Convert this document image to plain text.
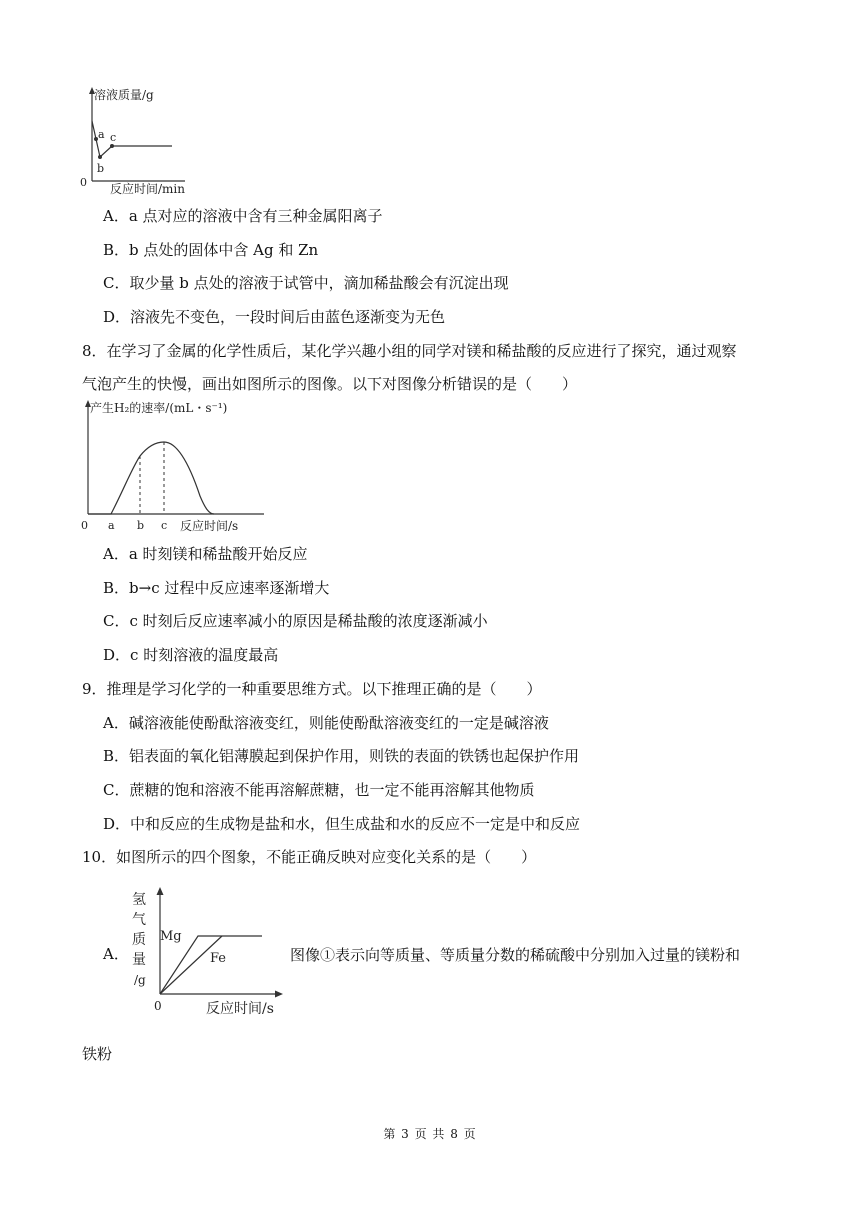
溶液质量/g
a
b
c
0 反应时间/min
A．a 点对应的溶液中含有三种金属阳离子
B．b 点处的固体中含 Ag 和 Zn
C．取少量 b 点处的溶液于试管中，滴加稀盐酸会有沉淀出现
D．溶液先不变色，一段时间后由蓝色逐渐变为无色
8．在学习了金属的化学性质后，某化学兴趣小组的同学对镁和稀盐酸的反应进行了探究，通过观察
气泡产生的快慢，画出如图所示的图像。以下对图像分析错误的是（　　）
产生H₂的速率/(mL・s⁻¹)
0 a b c 反应时间/s
A．a 时刻镁和稀盐酸开始反应
B．b→c 过程中反应速率逐渐增大
C．c 时刻后反应速率减小的原因是稀盐酸的浓度逐渐减小
D．c 时刻溶液的温度最高
9．推理是学习化学的一种重要思维方式。以下推理正确的是（　　）
A．碱溶液能使酚酞溶液变红，则能使酚酞溶液变红的一定是碱溶液
B．铝表面的氧化铝薄膜起到保护作用，则铁的表面的铁锈也起保护作用
C．蔗糖的饱和溶液不能再溶解蔗糖，也一定不能再溶解其他物质
D．中和反应的生成物是盐和水，但生成盐和水的反应不一定是中和反应
10．如图所示的四个图象，不能正确反映对应变化关系的是（　　）
A．
氢
气
质
量
/g
Mg
Fe
0	反应时间/s
图像①表示向等质量、等质量分数的稀硫酸中分别加入过量的镁粉和
铁粉
第 3 页 共 8 页
